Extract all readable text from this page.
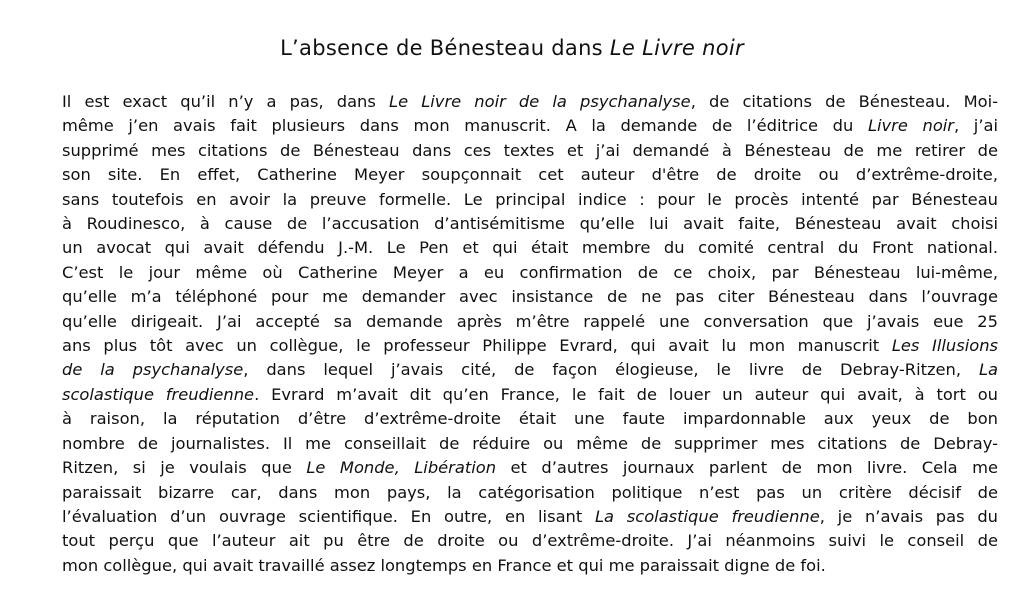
L’absence de Bénesteau dans Le Livre noir

Il est exact qu’il n’y a pas, dans Le Livre noir de la psychanalyse, de citations de Bénesteau. Moi-
même j’en avais fait plusieurs dans mon manuscrit. A la demande de l’éditrice du Livre noir, j’ai
supprimé mes citations de Bénesteau dans ces textes et j’ai demandé à Bénesteau de me retirer de
son site. En effet, Catherine Meyer soupçonnait cet auteur d'être de droite ou d’extrême-droite,
sans toutefois en avoir la preuve formelle. Le principal indice : pour le procès intenté par Bénesteau
à Roudinesco, à cause de l’accusation d’antisémitisme qu’elle lui avait faite, Bénesteau avait choisi
un avocat qui avait défendu J.-M. Le Pen et qui était membre du comité central du Front national.
C’est le jour même où Catherine Meyer a eu confirmation de ce choix, par Bénesteau lui-même,
qu’elle m’a téléphoné pour me demander avec insistance de ne pas citer Bénesteau dans l’ouvrage
qu’elle dirigeait. J’ai accepté sa demande après m’être rappelé une conversation que j’avais eue 25
ans plus tôt avec un collègue, le professeur Philippe Evrard, qui avait lu mon manuscrit Les Illusions
de la psychanalyse, dans lequel j’avais cité, de façon élogieuse, le livre de Debray-Ritzen, La
scolastique freudienne. Evrard m’avait dit qu’en France, le fait de louer un auteur qui avait, à tort ou
à raison, la réputation d’être d’extrême-droite était une faute impardonnable aux yeux de bon
nombre de journalistes. Il me conseillait de réduire ou même de supprimer mes citations de Debray-
Ritzen, si je voulais que Le Monde, Libération et d’autres journaux parlent de mon livre. Cela me
paraissait bizarre car, dans mon pays, la catégorisation politique n’est pas un critère décisif de
l’évaluation d’un ouvrage scientifique. En outre, en lisant La scolastique freudienne, je n’avais pas du
tout perçu que l’auteur ait pu être de droite ou d’extrême-droite. J’ai néanmoins suivi le conseil de
mon collègue, qui avait travaillé assez longtemps en France et qui me paraissait digne de foi.
